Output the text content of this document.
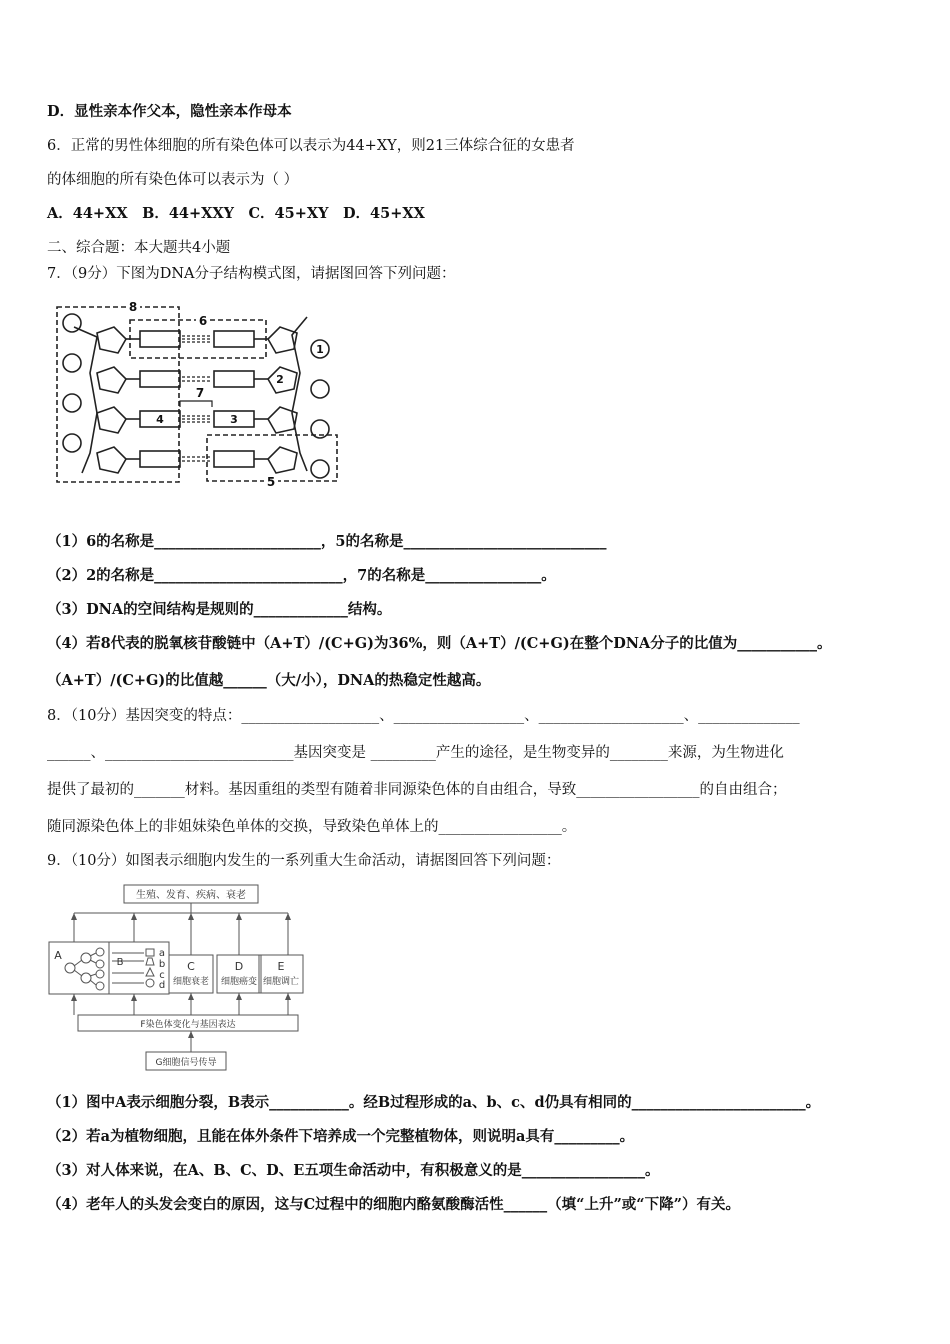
D．显性亲本作父本，隐性亲本作母本
6．正常的男性体细胞的所有染色体可以表示为44+XY，则21三体综合征的女患者
的体细胞的所有染色体可以表示为（ ）
A．44+XX　B．44+XXY　C．45+XY　D．45+XX
二、综合题：本大题共4小题
7．（9分）下图为DNA分子结构模式图，请据图回答下列问题：
8
6
7
5
1
2
3
4
（1）6的名称是_______________________，5的名称是____________________________
（2）2的名称是__________________________，7的名称是________________。
（3）DNA的空间结构是规则的_____________结构。
（4）若8代表的脱氧核苷酸链中（A+T）/(C+G)为36%，则（A+T）/(C+G)在整个DNA分子的比值为___________。
（A+T）/(C+G)的比值越______（大/小），DNA的热稳定性越高。
8．（10分）基因突变的特点：___________________、__________________、____________________、______________
______、__________________________基因突变是 _________产生的途径，是生物变异的________来源，为生物进化
提供了最初的_______材料。基因重组的类型有随着非同源染色体的自由组合，导致_________________的自由组合；
随同源染色体上的非姐妹染色单体的交换，导致染色单体上的_________________。
9．（10分）如图表示细胞内发生的一系列重大生命活动，请据图回答下列问题：
生殖、发育、疾病、衰老
A
B
a
b
c
d
C
细胞衰老
D
细胞癌变
E
细胞调亡
F染色体变化与基因表达
G细胞信号传导
（1）图中A表示细胞分裂，B表示___________。经B过程形成的a、b、c、d仍具有相同的________________________。
（2）若a为植物细胞，且能在体外条件下培养成一个完整植物体，则说明a具有_________。
（3）对人体来说，在A、B、C、D、E五项生命活动中，有积极意义的是_________________。
（4）老年人的头发会变白的原因，这与C过程中的细胞内酪氨酸酶活性______（填“上升”或“下降”）有关。
